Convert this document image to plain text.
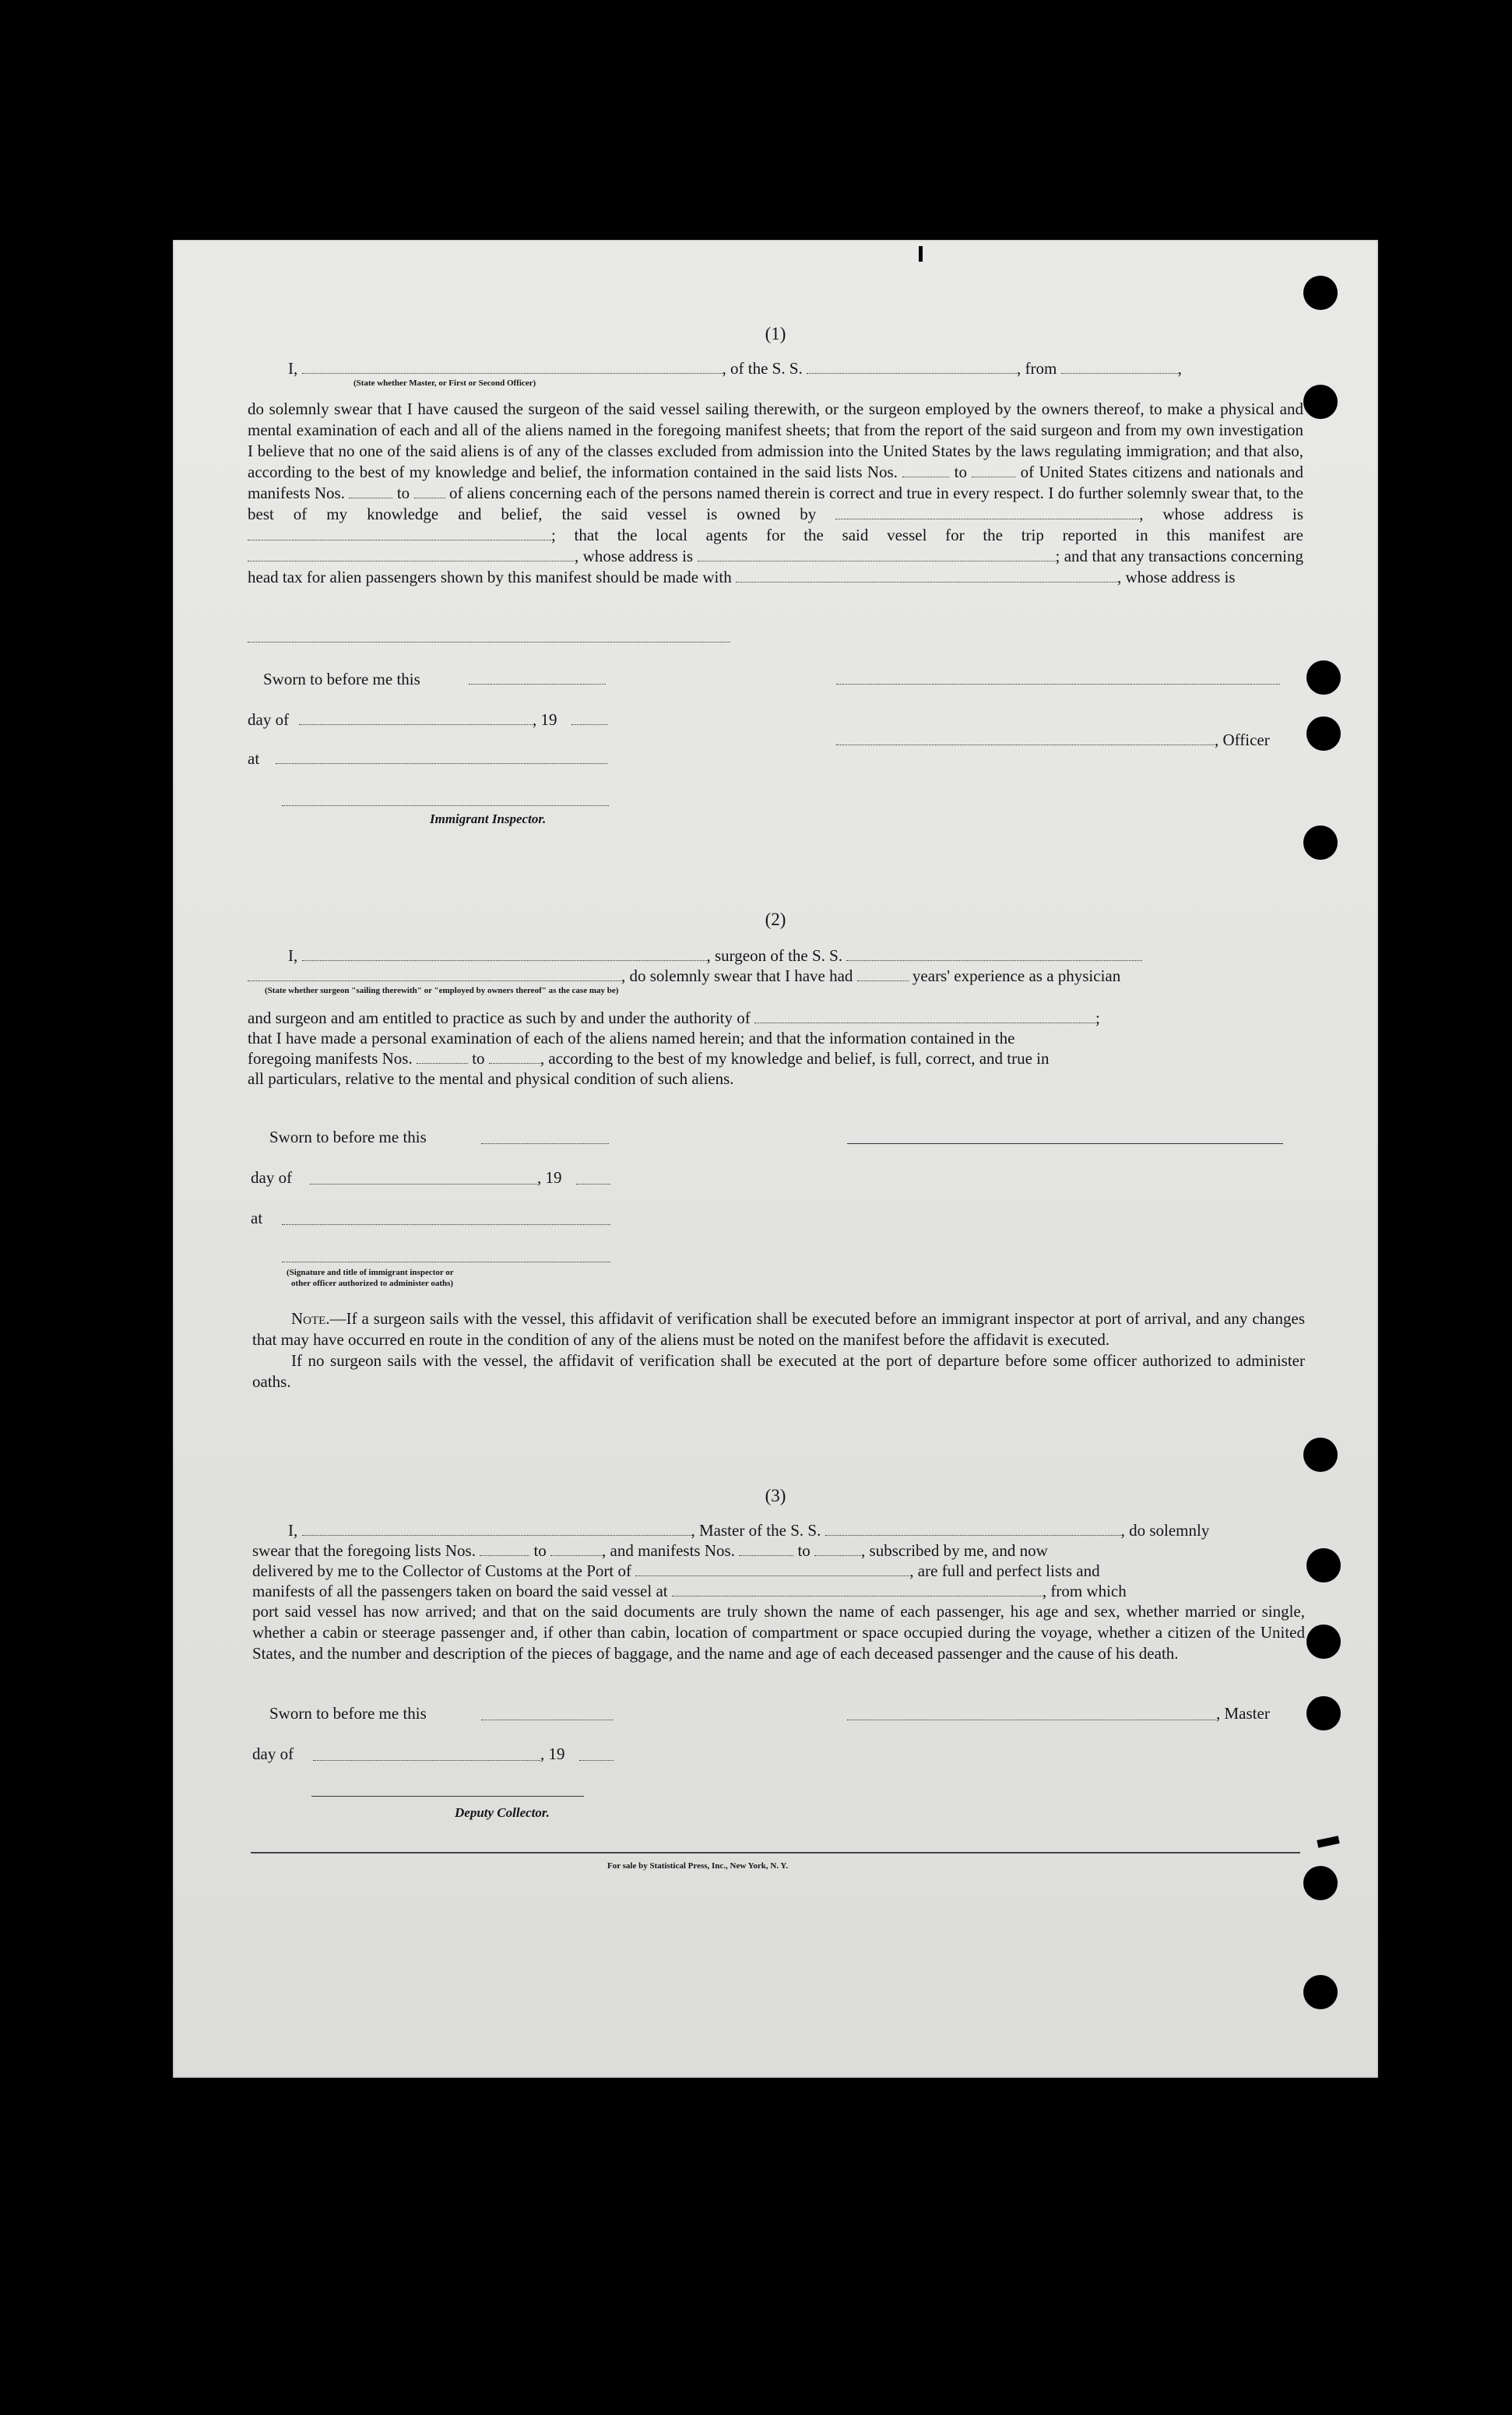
(1)
I,	, of the S. S.	, from	,
(State whether Master, or First or Second Officer)

do solemnly swear that I have caused the surgeon of the said vessel sailing therewith, or the surgeon employed by the owners thereof, to make a physical and mental examination of each and all of the aliens named in the foregoing manifest sheets; that from the report of the said surgeon and from my own investigation I believe that no one of the said aliens is of any of the classes excluded from admission into the United States by the laws regulating immigration; and that also, according to the best of my knowledge and belief, the information contained in the said lists Nos.	to	of United States citizens and nationals and manifests Nos.	to of aliens concerning each of the persons named therein is correct and true in every respect. I do further solemnly swear that, to the best of my knowledge and belief, the said vessel is owned by	, whose address is ; that the local agents for the said vessel for the trip reported in this manifest are , whose address is	; and that any transactions concerning head tax for alien passengers shown by this manifest should be made with	, whose address is

Sworn to before me this
day of	, 19
, Officer
at
Immigrant Inspector.
(2)
I,	, surgeon of the S. S.
, do solemnly swear that I have had	years' experience as a physician
(State whether surgeon "sailing therewith" or "employed by owners thereof" as the case may be)
and surgeon and am entitled to practice as such by and under the authority of	;
that I have made a personal examination of each of the aliens named herein; and that the information contained in the
foregoing manifests Nos.	to	, according to the best of my knowledge and belief, is full, correct, and true in
all particulars, relative to the mental and physical condition of such aliens.
Sworn to before me this
day of	, 19
at
(Signature and title of immigrant inspector or
other officer authorized to administer oaths)

Note.—If a surgeon sails with the vessel, this affidavit of verification shall be executed before an immigrant inspector at port of arrival, and any changes that may have occurred en route in the condition of any of the aliens must be noted on the manifest before the affidavit is executed.

If no surgeon sails with the vessel, the affidavit of verification shall be executed at the port of departure before some officer authorized to administer oaths.

(3)
I,	, Master of the S. S.	, do solemnly
swear that the foregoing lists Nos.	to	, and manifests Nos.	to	, subscribed by me, and now
delivered by me to the Collector of Customs at the Port of	, are full and perfect lists and
manifests of all the passengers taken on board the said vessel at	, from which

port said vessel has now arrived; and that on the said documents are truly shown the name of each passenger, his age and sex, whether married or single, whether a cabin or steerage passenger and, if other than cabin, location of compartment or space occupied during the voyage, whether a citizen of the United States, and the number and description of the pieces of baggage, and the name and age of each deceased passenger and the cause of his death.

Sworn to before me this	, Master
day of	, 19
Deputy Collector.
For sale by Statistical Press, Inc., New York, N. Y.
